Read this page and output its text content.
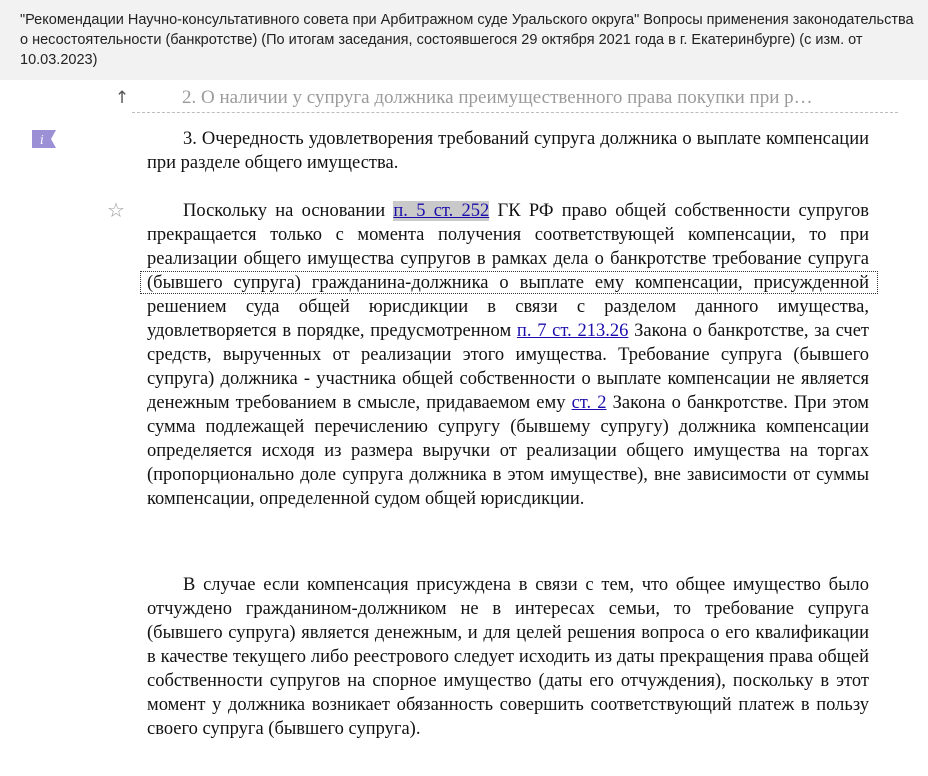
"Рекомендации Научно-консультативного совета при Арбитражном суде Уральского округа" Вопросы применения законодательства о несостоятельности (банкротстве) (По итогам заседания, состоявшегося 29 октября 2021 года в г. Екатеринбурге) (с изм. от 10.03.2023)
↑	2. О наличии у супруга должника преимущественного права покупки при р…
i	3. Очередность удовлетворения требований супруга должника о выплате компенсации при разделе общего имущества.

☆	Поскольку на основании п. 5 ст. 252 ГК РФ право общей собственности супругов прекращается только с момента получения соответствующей компенсации, то при реализации общего имущества супругов в рамках дела о банкротстве требование супруга (бывшего супруга) гражданина-должника о выплате ему компенсации, присужденной решением суда общей юрисдикции в связи с разделом данного имущества, удовлетворяется в порядке, предусмотренном п. 7 ст. 213.26 Закона о банкротстве, за счет средств, вырученных от реализации этого имущества. Требование супруга (бывшего супруга) должника - участника общей собственности о выплате компенсации не является денежным требованием в смысле, придаваемом ему ст. 2 Закона о банкротстве. При этом сумма подлежащей перечислению супругу (бывшему супругу) должника компенсации определяется исходя из размера выручки от реализации общего имущества на торгах (пропорционально доле супруга должника в этом имуществе), вне зависимости от суммы компенсации, определенной судом общей юрисдикции.

В случае если компенсация присуждена в связи с тем, что общее имущество было отчуждено гражданином-должником не в интересах семьи, то требование супруга (бывшего супруга) является денежным, и для целей решения вопроса о его квалификации в качестве текущего либо реестрового следует исходить из даты прекращения права общей собственности супругов на спорное имущество (даты его отчуждения), поскольку в этот момент у должника возникает обязанность совершить соответствующий платеж в пользу своего супруга (бывшего супруга).
